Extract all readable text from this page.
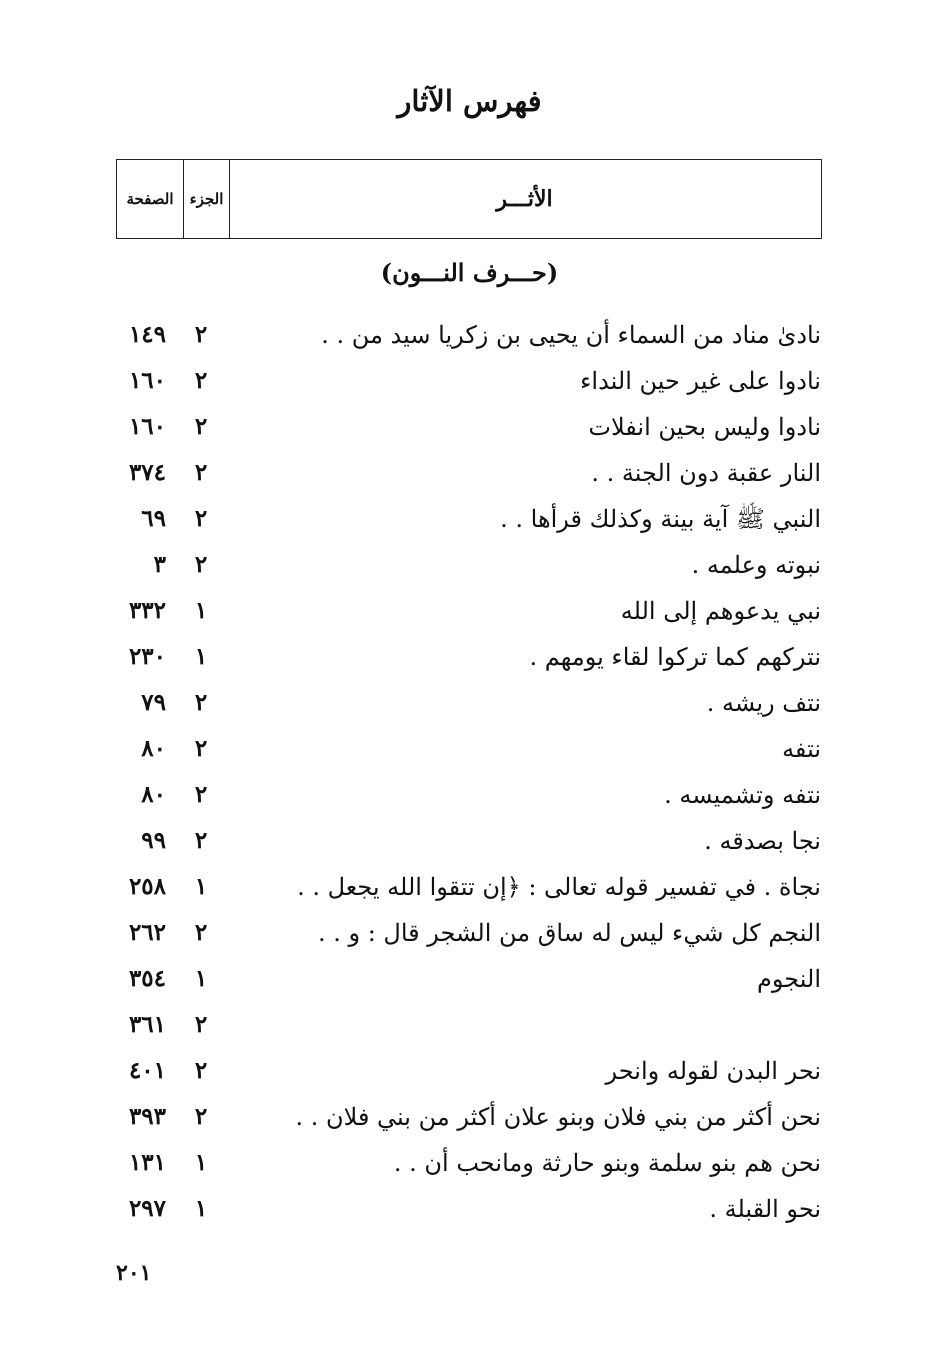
فهرس الآثار
الصفحة	الجزء	الأثـــر
(حـــرف النـــون)
نادىٰ مناد من السماء أن يحيى بن زكريا سيد من . .
٢
١٤٩
نادوا على غير حين النداء
٢
١٦٠
نادوا وليس بحين انفلات
٢
١٦٠
النار عقبة دون الجنة . .
٢
٣٧٤
النبي ﷺ آية بينة وكذلك قرأها . .
٢
٦٩
نبوته وعلمه .
٢
٣
نبي يدعوهم إلى الله
١
٣٣٢
نتركهم كما تركوا لقاء يومهم .
١
٢٣٠
نتف ريشه .
٢
٧٩
نتفه
٢
٨٠
نتفه وتشميسه .
٢
٨٠
نجا بصدقه .
٢
٩٩
نجاة . في تفسير قوله تعالى : ﴿إن تتقوا الله يجعل . .
١
٢٥٨
النجم كل شيء ليس له ساق من الشجر قال : و . .
٢
٢٦٢
النجوم
١
٣٥٤
٢
٣٦١
نحر البدن لقوله وانحر
٢
٤٠١
نحن أكثر من بني فلان وبنو علان أكثر من بني فلان . .
٢
٣٩٣
نحن هم بنو سلمة وبنو حارثة ومانحب أن . .
١
١٣١
نحو القبلة .
١
٢٩٧
٢٠١
